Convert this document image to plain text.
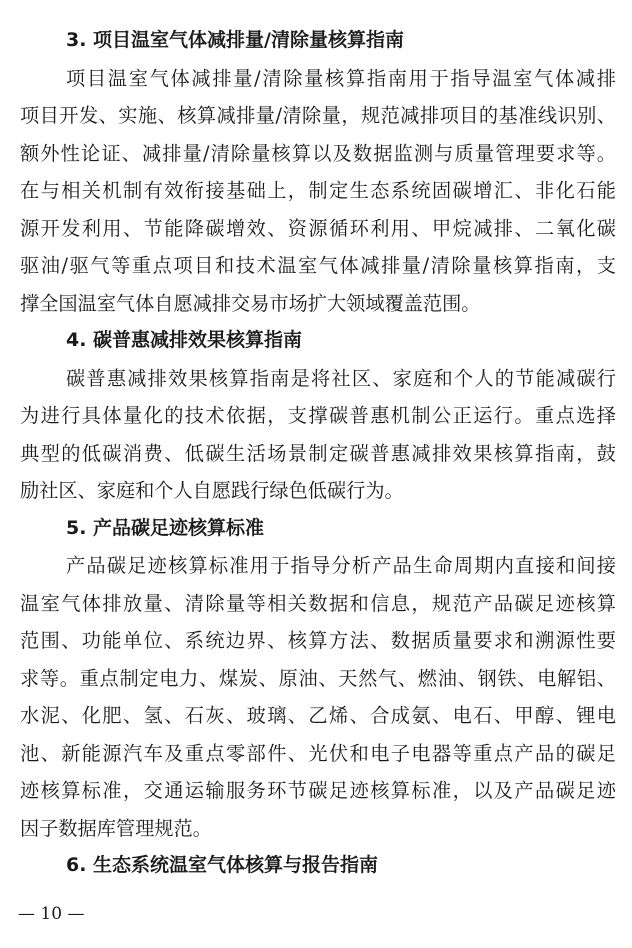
3. 项目温室气体减排量/清除量核算指南
项目温室气体减排量/清除量核算指南用于指导温室气体减排
项目开发、实施、核算减排量/清除量，规范减排项目的基准线识别、
额外性论证、减排量/清除量核算以及数据监测与质量管理要求等。
在与相关机制有效衔接基础上，制定生态系统固碳增汇、非化石能
源开发利用、节能降碳增效、资源循环利用、甲烷减排、二氧化碳
驱油/驱气等重点项目和技术温室气体减排量/清除量核算指南，支
撑全国温室气体自愿减排交易市场扩大领域覆盖范围。
4. 碳普惠减排效果核算指南
碳普惠减排效果核算指南是将社区、家庭和个人的节能减碳行
为进行具体量化的技术依据，支撑碳普惠机制公正运行。重点选择
典型的低碳消费、低碳生活场景制定碳普惠减排效果核算指南，鼓
励社区、家庭和个人自愿践行绿色低碳行为。
5. 产品碳足迹核算标准
产品碳足迹核算标准用于指导分析产品生命周期内直接和间接
温室气体排放量、清除量等相关数据和信息，规范产品碳足迹核算
范围、功能单位、系统边界、核算方法、数据质量要求和溯源性要
求等。重点制定电力、煤炭、原油、天然气、燃油、钢铁、电解铝、
水泥、化肥、氢、石灰、玻璃、乙烯、合成氨、电石、甲醇、锂电
池、新能源汽车及重点零部件、光伏和电子电器等重点产品的碳足
迹核算标准，交通运输服务环节碳足迹核算标准，以及产品碳足迹
因子数据库管理规范。
6. 生态系统温室气体核算与报告指南
— 10 —
